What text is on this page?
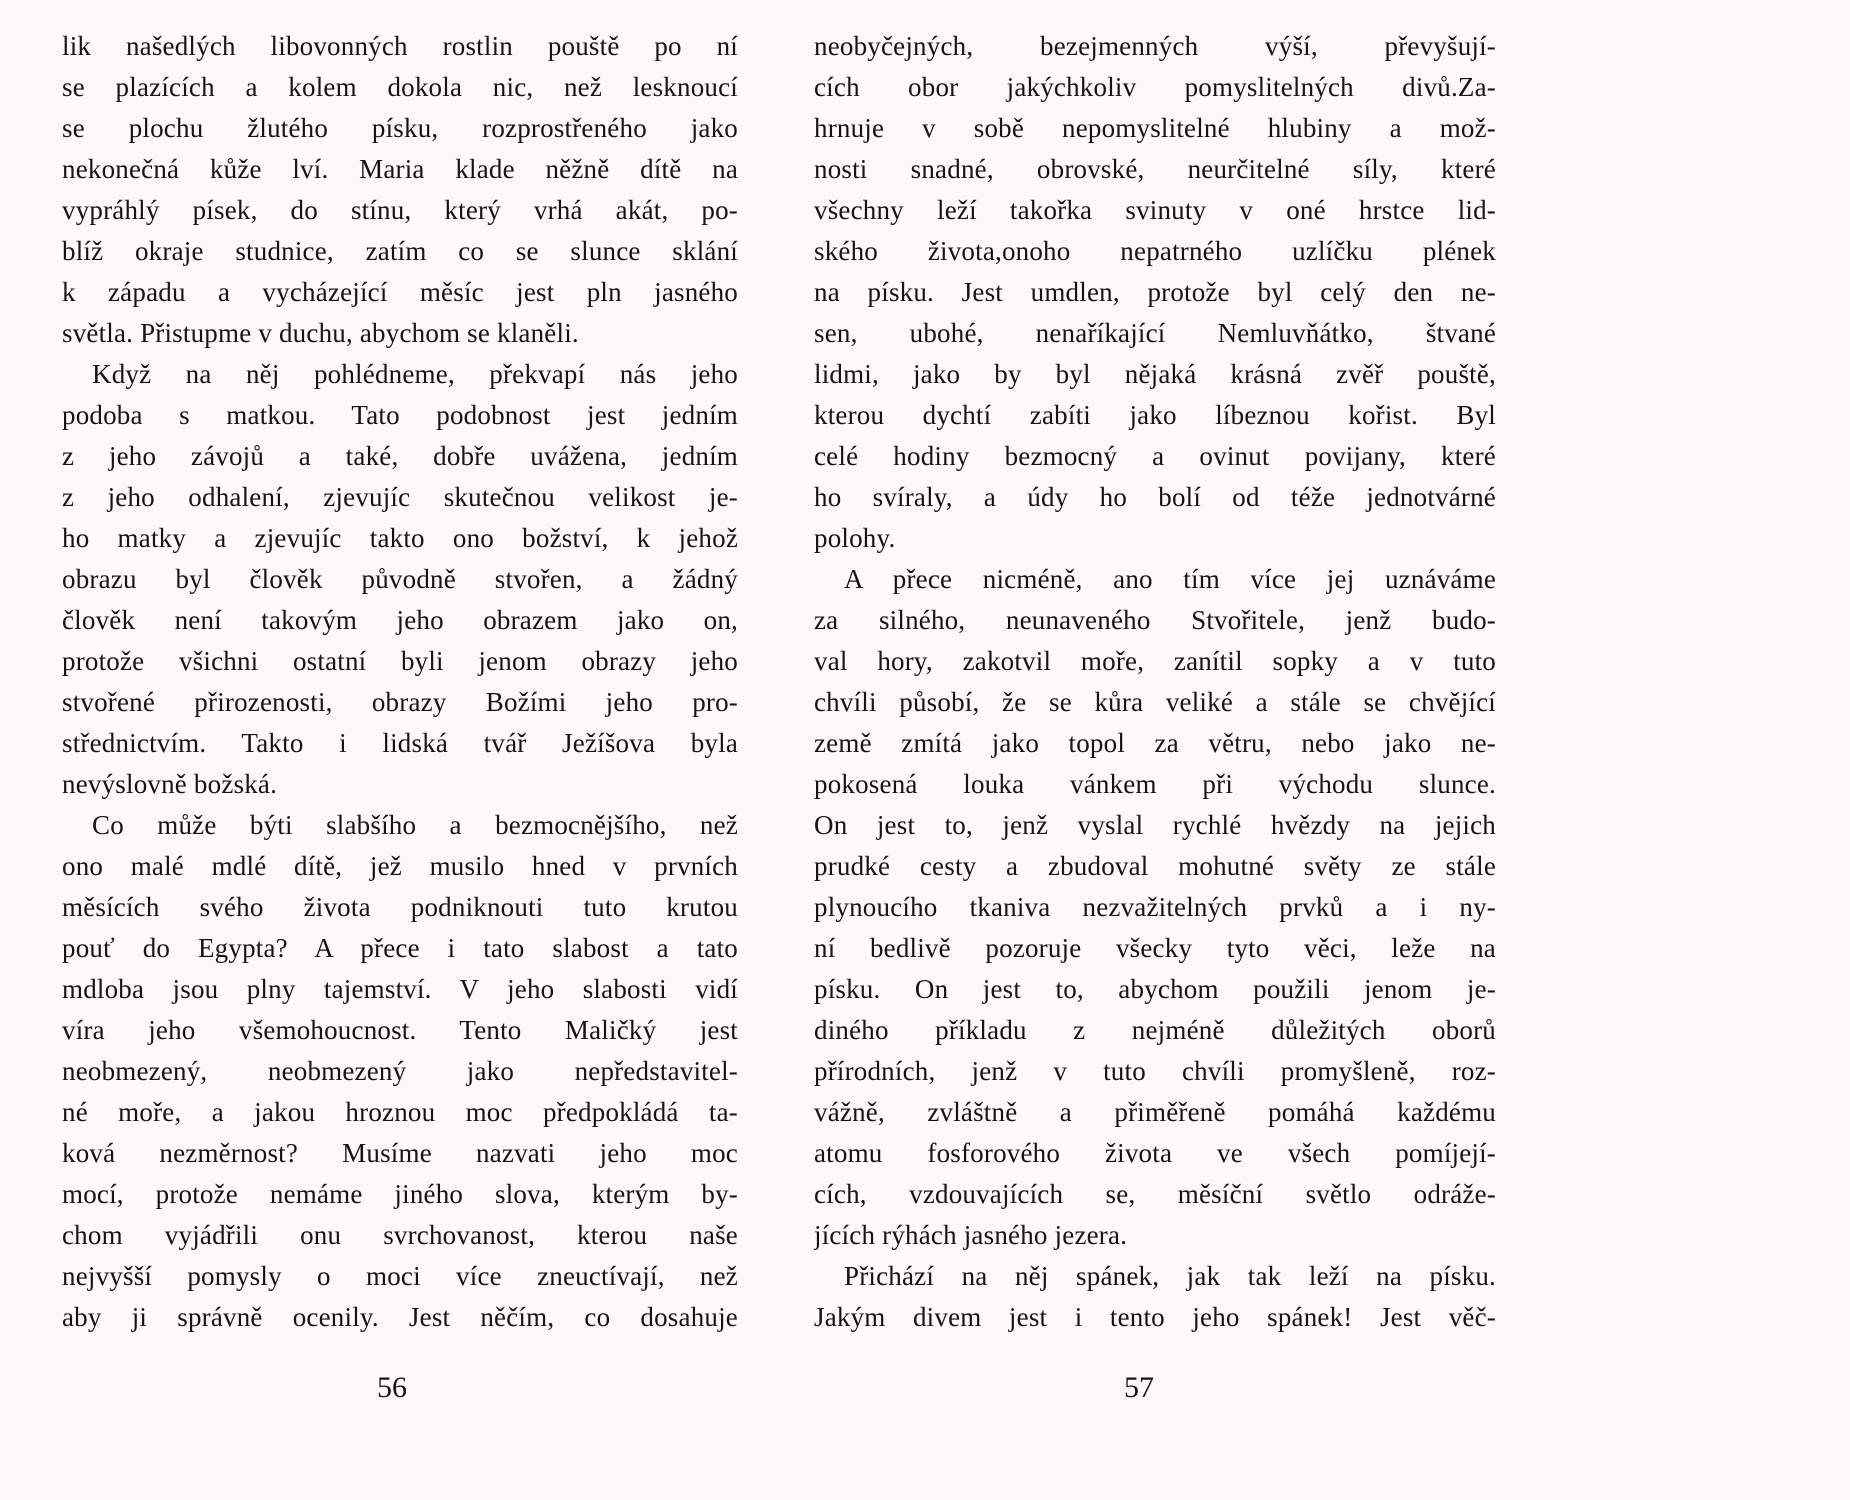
lik našedlých libovonných rostlin pouště po ní
se plazících a kolem dokola nic, než lesknoucí
se plochu žlutého písku, rozprostřeného jako
nekonečná kůže lví. Maria klade něžně dítě na
vypráhlý písek, do stínu, který vrhá akát, po-
blíž okraje studnice, zatím co se slunce sklání
k západu a vycházející měsíc jest pln jasného
světla. Přistupme v duchu, abychom se klaněli.
Když na něj pohlédneme, překvapí nás jeho
podoba s matkou. Tato podobnost jest jedním
z jeho závojů a také, dobře uvážena, jedním
z jeho odhalení, zjevujíc skutečnou velikost je-
ho matky a zjevujíc takto ono božství, k jehož
obrazu byl člověk původně stvořen, a žádný
člověk není takovým jeho obrazem jako on,
protože všichni ostatní byli jenom obrazy jeho
stvořené přirozenosti, obrazy Božími jeho pro-
střednictvím. Takto i lidská tvář Ježíšova byla
nevýslovně božská.
Co může býti slabšího a bezmocnějšího, než
ono malé mdlé dítě, jež musilo hned v prvních
měsících svého života podniknouti tuto krutou
pouť do Egypta? A přece i tato slabost a tato
mdloba jsou plny tajemství. V jeho slabosti vidí
víra jeho všemohoucnost. Tento Maličký jest
neobmezený, neobmezený jako nepředstavitel-
né moře, a jakou hroznou moc předpokládá ta-
ková nezměrnost? Musíme nazvati jeho moc
mocí, protože nemáme jiného slova, kterým by-
chom vyjádřili onu svrchovanost, kterou naše
nejvyšší pomysly o moci více zneuctívají, než
aby ji správně ocenily. Jest něčím, co dosahuje
neobyčejných, bezejmenných výší, převyšují-
cích obor jakýchkoliv pomyslitelných divů.Za-
hrnuje v sobě nepomyslitelné hlubiny a mož-
nosti snadné, obrovské, neurčitelné síly, které
všechny leží takořka svinuty v oné hrstce lid-
ského života,onoho nepatrného uzlíčku plének
na písku. Jest umdlen, protože byl celý den ne-
sen, ubohé, nenaříkající Nemluvňátko, štvané
lidmi, jako by byl nějaká krásná zvěř pouště,
kterou dychtí zabíti jako líbeznou kořist. Byl
celé hodiny bezmocný a ovinut povijany, které
ho svíraly, a údy ho bolí od téže jednotvárné
polohy.
A přece nicméně, ano tím více jej uznáváme
za silného, neunaveného Stvořitele, jenž budo-
val hory, zakotvil moře, zanítil sopky a v tuto
chvíli působí, že se kůra veliké a stále se chvějící
země zmítá jako topol za větru, nebo jako ne-
pokosená louka vánkem při východu slunce.
On jest to, jenž vyslal rychlé hvězdy na jejich
prudké cesty a zbudoval mohutné světy ze stále
plynoucího tkaniva nezvažitelných prvků a i ny-
ní bedlivě pozoruje všecky tyto věci, leže na
písku. On jest to, abychom použili jenom je-
diného příkladu z nejméně důležitých oborů
přírodních, jenž v tuto chvíli promyšleně, roz-
vážně, zvláštně a přiměřeně pomáhá každému
atomu fosforového života ve všech pomíjejí-
cích, vzdouvajících se, měsíční světlo odráže-
jících rýhách jasného jezera.
Přichází na něj spánek, jak tak leží na písku.
Jakým divem jest i tento jeho spánek! Jest věč-
56	57
